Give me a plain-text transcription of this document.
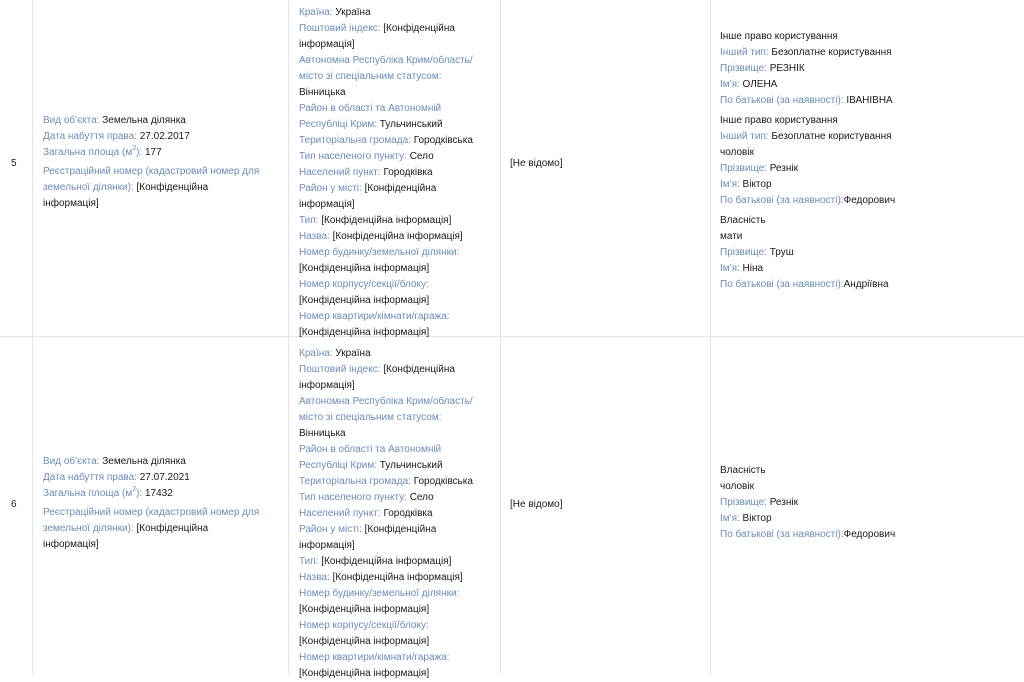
5
Вид об'єкта: Земельна ділянка
Дата набуття права: 27.02.2017
Загальна площа $(м^2)$: 177
Реєстраційний номер (кадастровий номер для
земельної ділянки): [Конфіденційна
інформація]
Країна: Україна
Поштовий індекс: [Конфіденційна
інформація]
Автономна Республіка Крим/область/
місто зі спеціальним статусом:
Вінницька
Район в області та Автономній
Республіці Крим: Тульчинський
Територіальна громада: Городківська
Тип населеного пункту: Село
Населений пункт: Городківка
Район у місті: [Конфіденційна
інформація]
Тип: [Конфіденційна інформація]
Назва: [Конфіденційна інформація]
Номер будинку/земельної ділянки:
[Конфіденційна інформація]
Номер корпусу/секції/блоку:
[Конфіденційна інформація]
Номер квартири/кімнати/гаража:
[Конфіденційна інформація]
[Не відомо]
Інше право користування
Інший тип: Безоплатне користування
Прізвище: РЕЗНІК
Ім'я: ОЛЕНА
По батькові (за наявності): ІВАНІВНА
Інше право користування
Інший тип: Безоплатне користування
чоловік
Прізвище: Резнік
Ім'я: Віктор
По батькові (за наявності):Федорович
Власність
мати
Прізвище: Труш
Ім'я: Ніна
По батькові (за наявності):Андріївна
6
Вид об'єкта: Земельна ділянка
Дата набуття права: 27.07.2021
Загальна площа $(м^2)$: 17432
Реєстраційний номер (кадастровий номер для
земельної ділянки): [Конфіденційна
інформація]
Країна: Україна
Поштовий індекс: [Конфіденційна
інформація]
Автономна Республіка Крим/область/
місто зі спеціальним статусом:
Вінницька
Район в області та Автономній
Республіці Крим: Тульчинський
Територіальна громада: Городківська
Тип населеного пункту: Село
Населений пункт: Городківка
Район у місті: [Конфіденційна
інформація]
Тип: [Конфіденційна інформація]
Назва: [Конфіденційна інформація]
Номер будинку/земельної ділянки:
[Конфіденційна інформація]
Номер корпусу/секції/блоку:
[Конфіденційна інформація]
Номер квартири/кімнати/гаража:
[Конфіденційна інформація]
[Не відомо]
Власність
чоловік
Прізвище: Резнік
Ім'я: Віктор
По батькові (за наявності):Федорович
